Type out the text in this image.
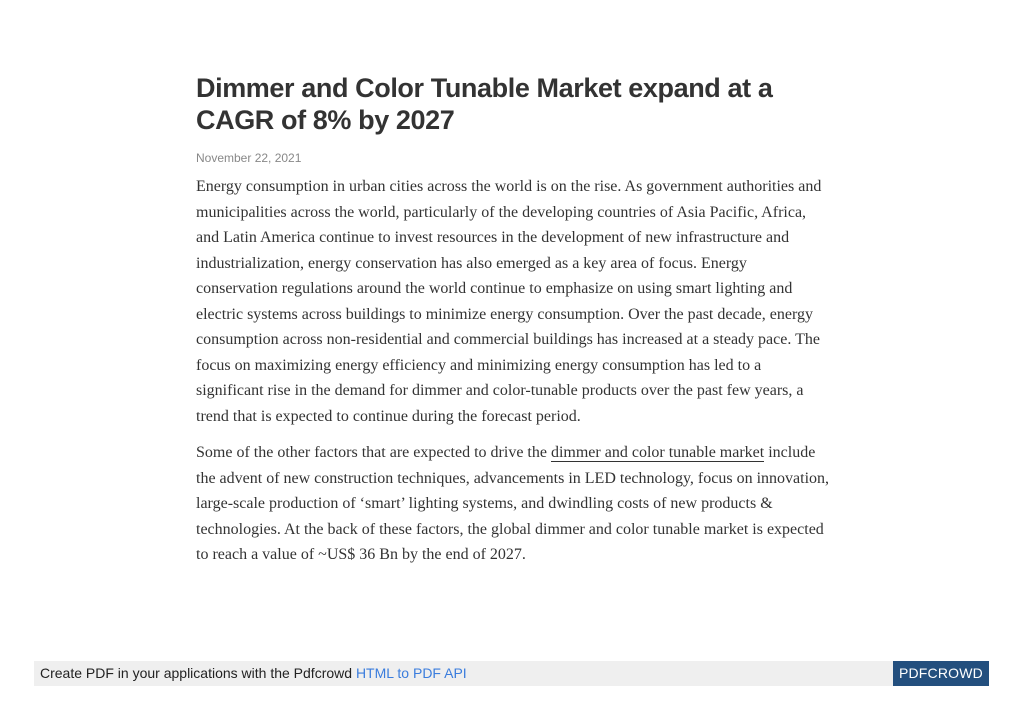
Dimmer and Color Tunable Market expand at a CAGR of 8% by 2027
November 22, 2021

Energy consumption in urban cities across the world is on the rise. As government authorities and municipalities across the world, particularly of the developing countries of Asia Pacific, Africa, and Latin America continue to invest resources in the development of new infrastructure and industrialization, energy conservation has also emerged as a key area of focus. Energy conservation regulations around the world continue to emphasize on using smart lighting and electric systems across buildings to minimize energy consumption. Over the past decade, energy consumption across non-residential and commercial buildings has increased at a steady pace. The focus on maximizing energy efficiency and minimizing energy consumption has led to a significant rise in the demand for dimmer and color-tunable products over the past few years, a trend that is expected to continue during the forecast period.

Some of the other factors that are expected to drive the dimmer and color tunable market include the advent of new construction techniques, advancements in LED technology, focus on innovation, large-scale production of ‘smart’ lighting systems, and dwindling costs of new products & technologies. At the back of these factors, the global dimmer and color tunable market is expected to reach a value of ~US$ 36 Bn by the end of 2027.

Create PDF in your applications with the Pdfcrowd HTML to PDF API	PDFCROWD
